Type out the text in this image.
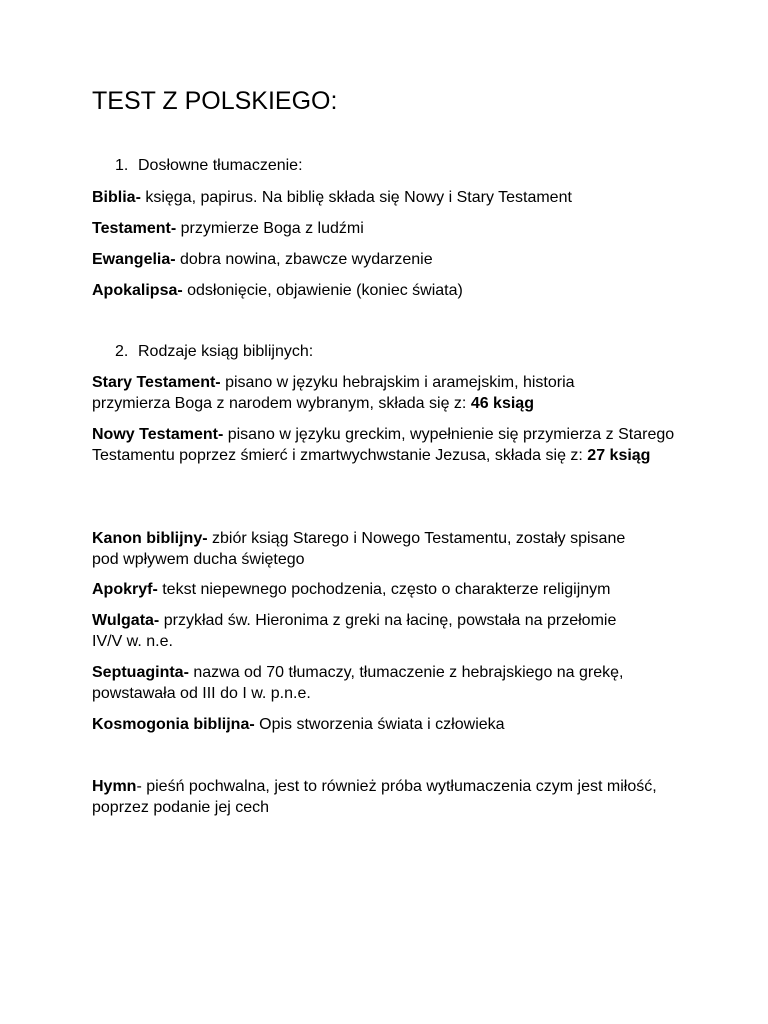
TEST Z POLSKIEGO:

1. Dosłowne tłumaczenie:

Biblia- księga, papirus. Na biblię składa się Nowy i Stary Testament

Testament- przymierze Boga z ludźmi

Ewangelia- dobra nowina, zbawcze wydarzenie

Apokalipsa- odsłonięcie, objawienie (koniec świata)

2. Rodzaje ksiąg biblijnych:

Stary Testament- pisano w języku hebrajskim i aramejskim, historia przymierza Boga z narodem wybranym, składa się z: 46 ksiąg

Nowy Testament- pisano w języku greckim, wypełnienie się przymierza z Starego Testamentu poprzez śmierć i zmartwychwstanie Jezusa, składa się z: 27 ksiąg

Kanon biblijny- zbiór ksiąg Starego i Nowego Testamentu, zostały spisane pod wpływem ducha świętego

Apokryf- tekst niepewnego pochodzenia, często o charakterze religijnym

Wulgata- przykład św. Hieronima z greki na łacinę, powstała na przełomie IV/V w. n.e.

Septuaginta- nazwa od 70 tłumaczy, tłumaczenie z hebrajskiego na grekę, powstawała od III do I w. p.n.e.

Kosmogonia biblijna- Opis stworzenia świata i człowieka

Hymn- pieśń pochwalna, jest to również próba wytłumaczenia czym jest miłość, poprzez podanie jej cech
